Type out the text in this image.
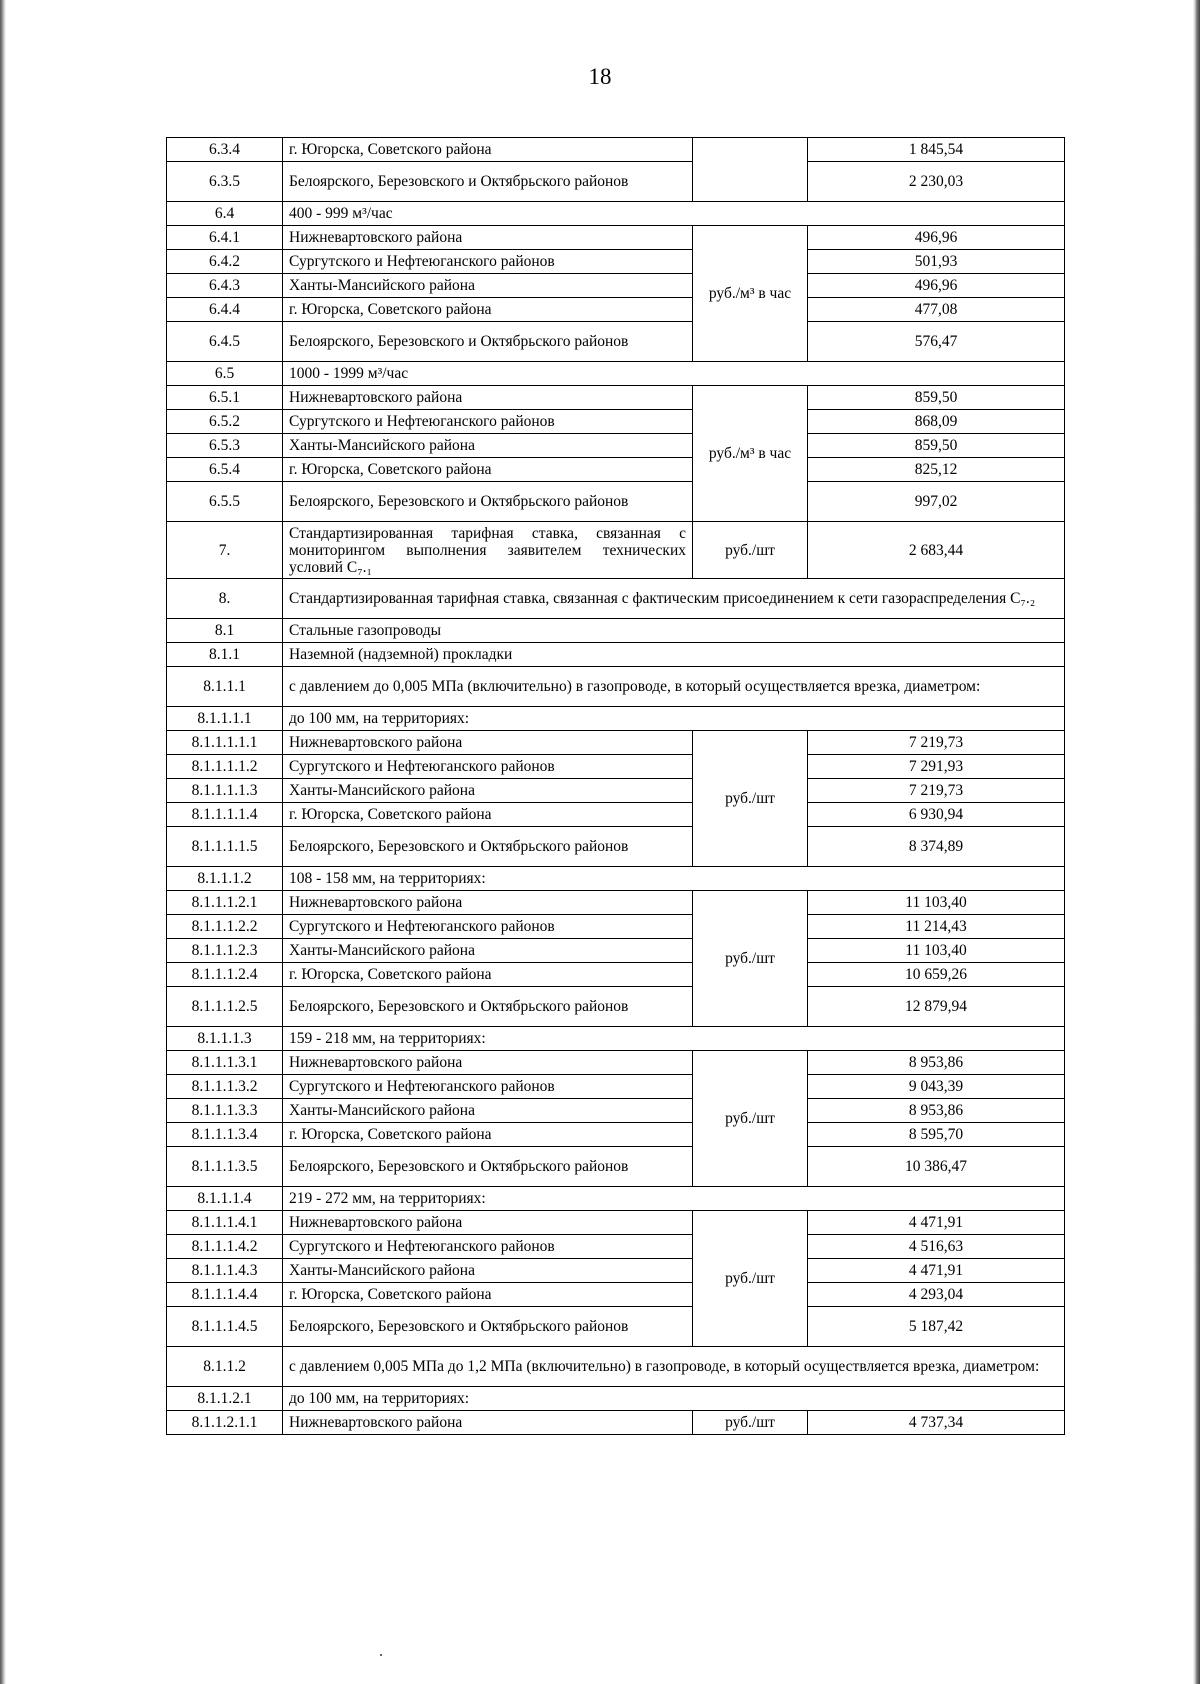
18
6.3.4	г. Югорска, Советского района		1 845,54
6.3.5	Белоярского, Березовского и Октябрьского районов		2 230,03
6.4	400 - 999 м³/час		
6.4.1	Нижневартовского района	руб./м³ в час	496,96
6.4.2	Сургутского и Нефтеюганского районов		501,93
6.4.3	Ханты-Мансийского района		496,96
6.4.4	г. Югорска, Советского района		477,08
6.4.5	Белоярского, Березовского и Октябрьского районов		576,47
6.5	1000 - 1999 м³/час		
6.5.1	Нижневартовского района	руб./м³ в час	859,50
6.5.2	Сургутского и Нефтеюганского районов		868,09
6.5.3	Ханты-Мансийского района		859,50
6.5.4	г. Югорска, Советского района		825,12
6.5.5	Белоярского, Березовского и Октябрьского районов		997,02
7.	Стандартизированная тарифная ставка, связанная с мониторингом выполнения заявителем технических условий С₇.₁	руб./шт	2 683,44
8.	Стандартизированная тарифная ставка, связанная с фактическим присоединением к сети газораспределения С₇.₂		
8.1	Стальные газопроводы		
8.1.1	Наземной (надземной) прокладки		
8.1.1.1	с давлением до 0,005 МПа (включительно) в газопроводе, в который осуществляется врезка, диаметром:		
8.1.1.1.1	до 100 мм, на территориях:		
8.1.1.1.1.1	Нижневартовского района	руб./шт	7 219,73
8.1.1.1.1.2	Сургутского и Нефтеюганского районов		7 291,93
8.1.1.1.1.3	Ханты-Мансийского района		7 219,73
8.1.1.1.1.4	г. Югорска, Советского района		6 930,94
8.1.1.1.1.5	Белоярского, Березовского и Октябрьского районов		8 374,89
8.1.1.1.2	108 - 158 мм, на территориях:		
8.1.1.1.2.1	Нижневартовского района	руб./шт	11 103,40
8.1.1.1.2.2	Сургутского и Нефтеюганского районов		11 214,43
8.1.1.1.2.3	Ханты-Мансийского района		11 103,40
8.1.1.1.2.4	г. Югорска, Советского района		10 659,26
8.1.1.1.2.5	Белоярского, Березовского и Октябрьского районов		12 879,94
8.1.1.1.3	159 - 218 мм, на территориях:		
8.1.1.1.3.1	Нижневартовского района	руб./шт	8 953,86
8.1.1.1.3.2	Сургутского и Нефтеюганского районов		9 043,39
8.1.1.1.3.3	Ханты-Мансийского района		8 953,86
8.1.1.1.3.4	г. Югорска, Советского района		8 595,70
8.1.1.1.3.5	Белоярского, Березовского и Октябрьского районов		10 386,47
8.1.1.1.4	219 - 272 мм, на территориях:		
8.1.1.1.4.1	Нижневартовского района	руб./шт	4 471,91
8.1.1.1.4.2	Сургутского и Нефтеюганского районов		4 516,63
8.1.1.1.4.3	Ханты-Мансийского района		4 471,91
8.1.1.1.4.4	г. Югорска, Советского района		4 293,04
8.1.1.1.4.5	Белоярского, Березовского и Октябрьского районов		5 187,42
8.1.1.2	с давлением 0,005 МПа до 1,2 МПа (включительно) в газопроводе, в который осуществляется врезка, диаметром:		
8.1.1.2.1	до 100 мм, на территориях:		
8.1.1.2.1.1	Нижневартовского района	руб./шт	4 737,34
